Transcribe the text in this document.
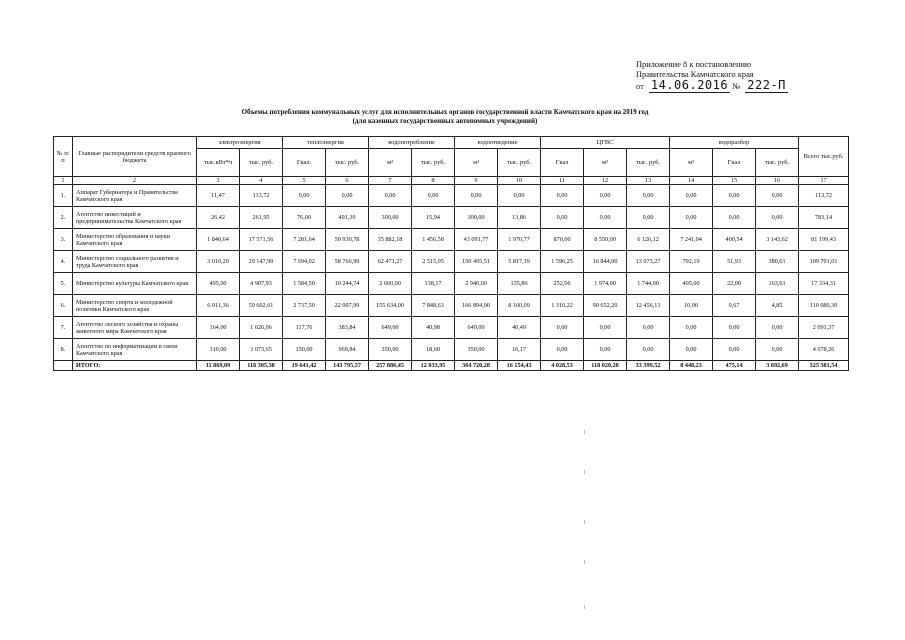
Приложение 8 к постановлению
Правительства Камчатского края
от 14.06.2016 № 222-П
Объемы потребления коммунальных услуг для исполнительных органов государственной власти Камчатского края на 2019 год
(для казенных государственных автономных учреждений)
№ п/п	Главные распорядители средств краевого бюджета	электроэнергия		теплоэнергия		водопотребление		водоотведение		ЦГВС			водоразбор			Всего тыс.руб.
		тыс.кВт*ч	тыс. руб.	Гкал.	тыс. руб.	м³	тыс. руб.	м³	тыс. руб.	Гкал	м³	тыс. руб.	м³	Гкал	тыс. руб.	
1	2	3	4	5	6	7	8	9	10	11	12	13	14	15	16	17
1.	Аппарат Губернатора и Правительства Камчатского края	11,47	113,72	0,00	0,00	0,00	0,00	0,00	0,00	0,00	0,00	0,00	0,00	0,00	0,00	113,72
2.	Агентство инвестиций и предпринимательства Камчатского края	26,42	261,95	76,00	491,39	300,00	15,94	300,00	13,86	0,00	0,00	0,00	0,00	0,00	0,00	783,14
3.	Министерство образования и науки Камчатского края	1 840,64	17 571,56	7 281,64	50 930,78	35 882,18	1 456,58	43 091,77	1 970,77	870,00	8 550,00	6 126,12	7 241,04	400,54	3 143,62	81 199,43
4.	Министерство социального развития и труда Камчатского края	3 010,20	29 147,90	7 694,02	58 766,99	62 471,27	2 515,05	150 495,51	5 817,19	1 596,25	16 844,00	13 073,27	792,19	51,93	380,61	109 701,01
5.	Министерство культуры Камчатского края	495,00	4 907,93	1 584,50	10 244,74	2 600,00	138,17	2 940,00	135,86	252,06	1 974,00	1 744,00	405,00	22,00	163,61	17 334,31
6.	Министерство спорта и молодежной политики Камчатского края	6 011,36	59 602,61	2 737,50	22 007,99	155 634,00	7 848,63	166 894,00	8 160,09	1 310,22	90 652,20	12 456,13	10,00	0,67	4,85	110 080,30
7.	Агентство лесного хозяйства и охраны животного мира Камчатского края	164,00	1 626,06	117,76	383,84	649,00	40,98	649,00	40,49	0,00	0,00	0,00	0,00	0,00	0,00	2 091,37
8.	Агентство по информатизации и связи Камчатского края	310,00	3 073,65	150,00	969,84	350,00	18,60	350,00	16,17	0,00	0,00	0,00	0,00	0,00	0,00	4 078,26
	ИТОГО:	11 869,09	116 305,38	19 641,42	143 795,57	257 886,45	12 033,95	364 720,28	16 154,43	4 028,53	118 020,20	33 399,52	8 448,23	475,14	3 692,69	325 381,54
